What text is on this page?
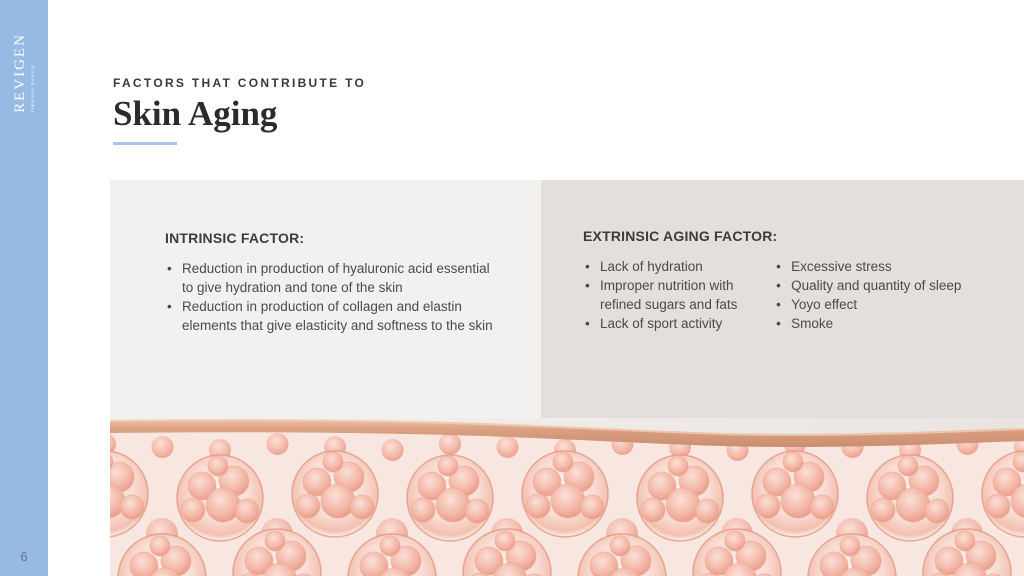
REVIGEN Timeless Beauty
6
FACTORS THAT CONTRIBUTE TO
Skin Aging
INTRINSIC FACTOR:
• Reduction in production of hyaluronic acid essential to give hydration and tone of the skin
• Reduction in production of collagen and elastin elements that give elasticity and softness to the skin
EXTRINSIC AGING FACTOR:
• Lack of hydration
• Improper nutrition with refined sugars and fats
• Lack of sport activity
• Excessive stress
• Quality and quantity of sleep
• Yoyo effect
• Smoke
